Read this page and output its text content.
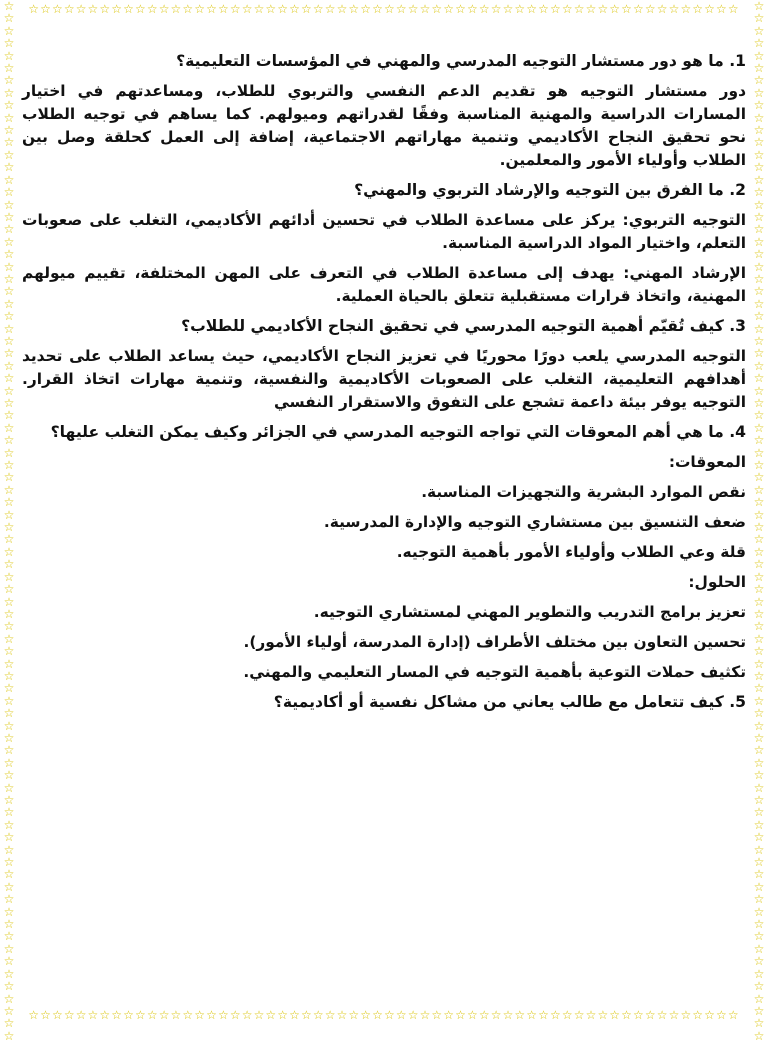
☆☆☆☆☆☆☆☆☆☆☆☆☆☆☆☆☆☆☆☆☆☆☆☆☆☆☆☆☆☆☆☆☆☆☆☆☆☆☆☆☆☆☆☆☆☆☆☆☆☆☆☆☆☆☆☆☆☆☆☆
☆☆☆☆☆☆☆☆☆☆☆☆☆☆☆☆☆☆☆☆☆☆☆☆☆☆☆☆☆☆☆☆☆☆☆☆☆☆☆☆☆☆☆☆☆☆☆☆☆☆☆☆☆☆☆☆☆☆☆☆
☆☆☆☆☆☆☆☆☆☆☆☆☆☆☆☆☆☆☆☆☆☆☆☆☆☆☆☆☆☆☆☆☆☆☆☆☆☆☆☆☆☆☆☆☆☆☆☆☆☆☆☆☆☆☆☆☆☆☆☆☆☆☆☆☆☆☆☆☆☆☆☆☆☆☆☆☆☆☆☆☆☆☆☆
☆☆☆☆☆☆☆☆☆☆☆☆☆☆☆☆☆☆☆☆☆☆☆☆☆☆☆☆☆☆☆☆☆☆☆☆☆☆☆☆☆☆☆☆☆☆☆☆☆☆☆☆☆☆☆☆☆☆☆☆☆☆☆☆☆☆☆☆☆☆☆☆☆☆☆☆☆☆☆☆☆☆☆☆

1. ما هو دور مستشار التوجيه المدرسي والمهني في المؤسسات التعليمية؟

دور مستشار التوجيه هو تقديم الدعم النفسي والتربوي للطلاب، ومساعدتهم في اختيار المسارات الدراسية والمهنية المناسبة وفقًا لقدراتهم وميولهم. كما يساهم في توجيه الطلاب نحو تحقيق النجاح الأكاديمي وتنمية مهاراتهم الاجتماعية، إضافة إلى العمل كحلقة وصل بين الطلاب وأولياء الأمور والمعلمين.

2. ما الفرق بين التوجيه والإرشاد التربوي والمهني؟

التوجيه التربوي: يركز على مساعدة الطلاب في تحسين أدائهم الأكاديمي، التغلب على صعوبات التعلم، واختيار المواد الدراسية المناسبة.

الإرشاد المهني: يهدف إلى مساعدة الطلاب في التعرف على المهن المختلفة، تقييم ميولهم المهنية، واتخاذ قرارات مستقبلية تتعلق بالحياة العملية.

3. كيف تُقيّم أهمية التوجيه المدرسي في تحقيق النجاح الأكاديمي للطلاب؟

التوجيه المدرسي يلعب دورًا محوريًا في تعزيز النجاح الأكاديمي، حيث يساعد الطلاب على تحديد أهدافهم التعليمية، التغلب على الصعوبات الأكاديمية والنفسية، وتنمية مهارات اتخاذ القرار. التوجيه يوفر بيئة داعمة تشجع على التفوق والاستقرار النفسي

4. ما هي أهم المعوقات التي تواجه التوجيه المدرسي في الجزائر وكيف يمكن التغلب عليها؟

المعوقات:

نقص الموارد البشرية والتجهيزات المناسبة.

ضعف التنسيق بين مستشاري التوجيه والإدارة المدرسية.

قلة وعي الطلاب وأولياء الأمور بأهمية التوجيه.

الحلول:

تعزيز برامج التدريب والتطوير المهني لمستشاري التوجيه.

تحسين التعاون بين مختلف الأطراف (إدارة المدرسة، أولياء الأمور).

تكثيف حملات التوعية بأهمية التوجيه في المسار التعليمي والمهني.

5. كيف تتعامل مع طالب يعاني من مشاكل نفسية أو أكاديمية؟
